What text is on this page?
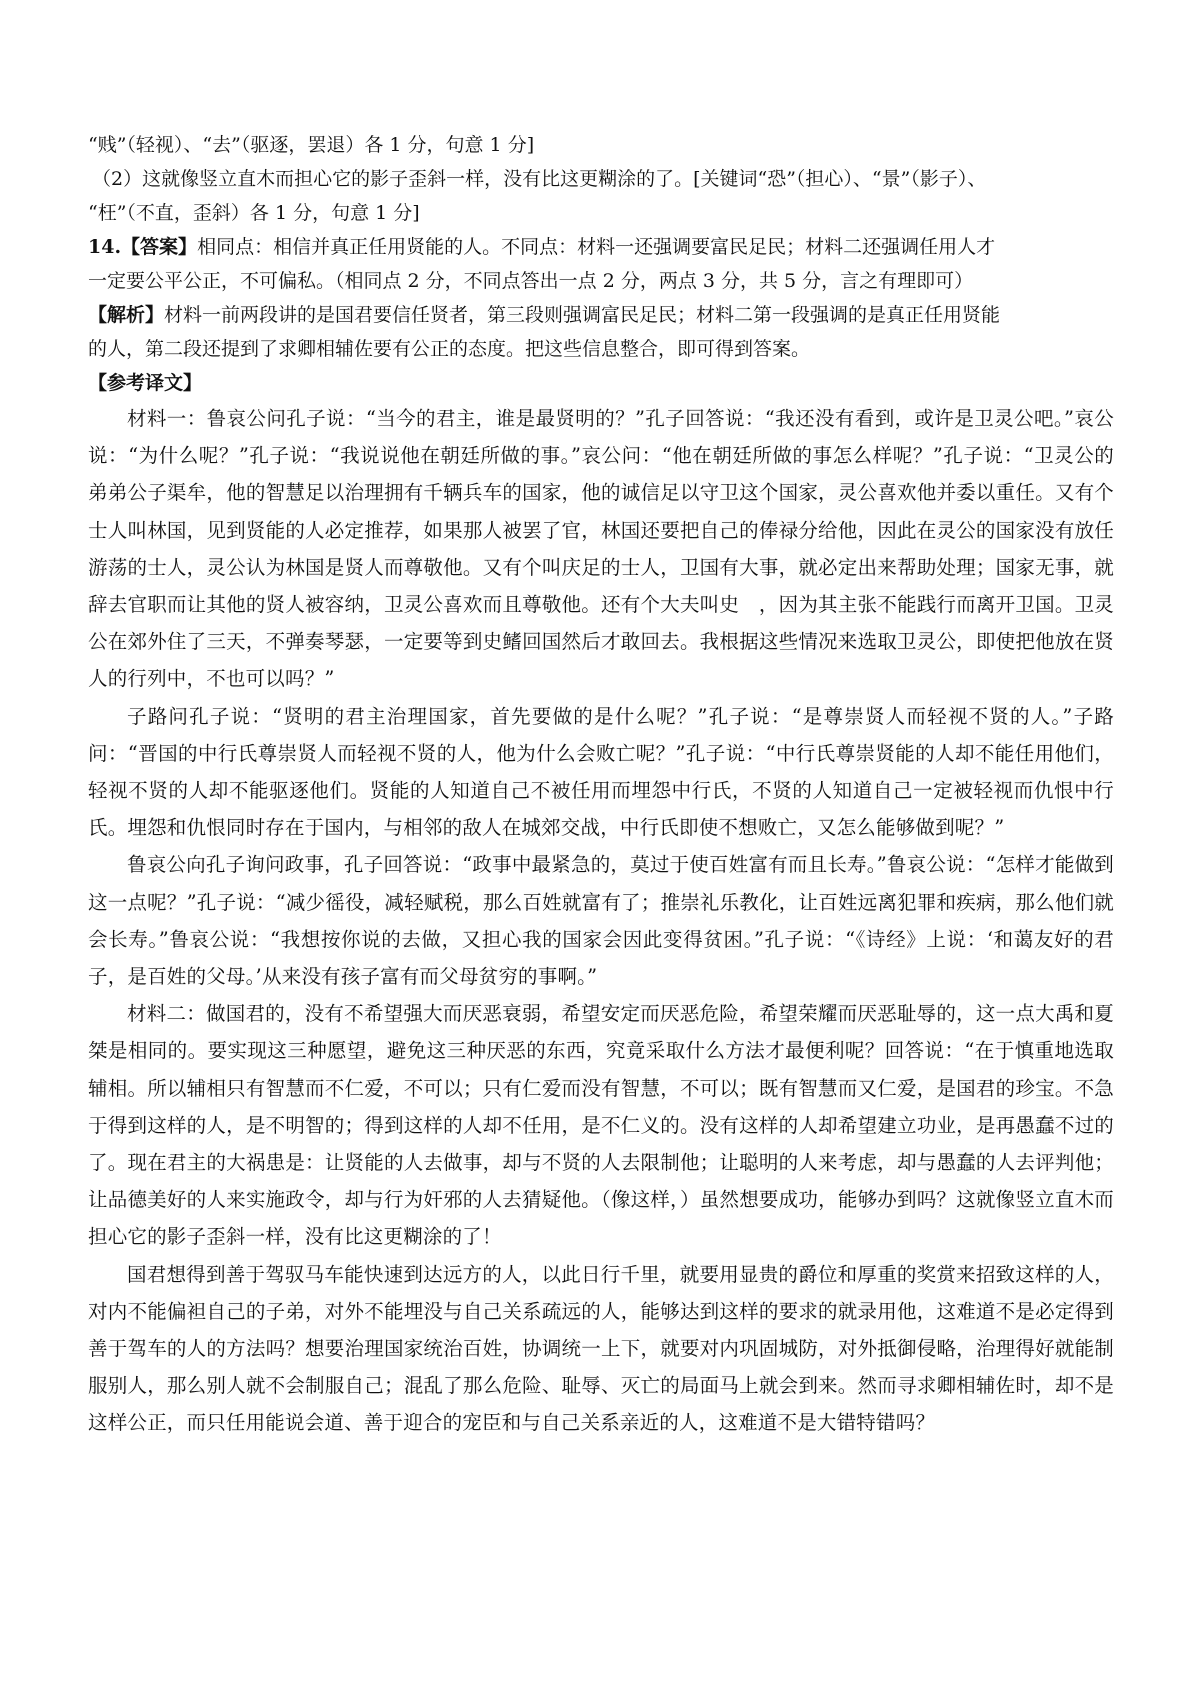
“贱”（轻视）、“去”（驱逐，罢退）各 1 分，句意 1 分]

（2）这就像竖立直木而担心它的影子歪斜一样，没有比这更糊涂的了。[关键词“恐”（担心）、“景”（影子）、

“枉”（不直，歪斜）各 1 分，句意 1 分]

14.【答案】相同点：相信并真正任用贤能的人。不同点：材料一还强调要富民足民；材料二还强调任用人才

一定要公平公正，不可偏私。（相同点 2 分，不同点答出一点 2 分，两点 3 分，共 5 分，言之有理即可）

【解析】材料一前两段讲的是国君要信任贤者，第三段则强调富民足民；材料二第一段强调的是真正任用贤能

的人，第二段还提到了求卿相辅佐要有公正的态度。把这些信息整合，即可得到答案。

【参考译文】

材料一：鲁哀公问孔子说：“当今的君主，谁是最贤明的？”孔子回答说：“我还没有看到，或许是卫灵公吧。”哀公说：“为什么呢？”孔子说：“我说说他在朝廷所做的事。”哀公问：“他在朝廷所做的事怎么样呢？”孔子说：“卫灵公的弟弟公子渠牟，他的智慧足以治理拥有千辆兵车的国家，他的诚信足以守卫这个国家，灵公喜欢他并委以重任。又有个士人叫林国，见到贤能的人必定推荐，如果那人被罢了官，林国还要把自己的俸禄分给他，因此在灵公的国家没有放任游荡的士人，灵公认为林国是贤人而尊敬他。又有个叫庆足的士人，卫国有大事，就必定出来帮助处理；国家无事，就辞去官职而让其他的贤人被容纳，卫灵公喜欢而且尊敬他。还有个大夫叫史　，因为其主张不能践行而离开卫国。卫灵公在郊外住了三天，不弹奏琴瑟，一定要等到史鳍回国然后才敢回去。我根据这些情况来选取卫灵公，即使把他放在贤人的行列中，不也可以吗？”

子路问孔子说：“贤明的君主治理国家，首先要做的是什么呢？”孔子说：“是尊崇贤人而轻视不贤的人。”子路问：“晋国的中行氏尊崇贤人而轻视不贤的人，他为什么会败亡呢？”孔子说：“中行氏尊崇贤能的人却不能任用他们，轻视不贤的人却不能驱逐他们。贤能的人知道自己不被任用而埋怨中行氏，不贤的人知道自己一定被轻视而仇恨中行氏。埋怨和仇恨同时存在于国内，与相邻的敌人在城郊交战，中行氏即使不想败亡，又怎么能够做到呢？”

鲁哀公向孔子询问政事，孔子回答说：“政事中最紧急的，莫过于使百姓富有而且长寿。”鲁哀公说：“怎样才能做到这一点呢？”孔子说：“减少徭役，减轻赋税，那么百姓就富有了；推崇礼乐教化，让百姓远离犯罪和疾病，那么他们就会长寿。”鲁哀公说：“我想按你说的去做，又担心我的国家会因此变得贫困。”孔子说：“《诗经》上说：‘和蔼友好的君子，是百姓的父母。’从来没有孩子富有而父母贫穷的事啊。”

材料二：做国君的，没有不希望强大而厌恶衰弱，希望安定而厌恶危险，希望荣耀而厌恶耻辱的，这一点大禹和夏桀是相同的。要实现这三种愿望，避免这三种厌恶的东西，究竟采取什么方法才最便利呢？回答说：“在于慎重地选取辅相。所以辅相只有智慧而不仁爱，不可以；只有仁爱而没有智慧，不可以；既有智慧而又仁爱，是国君的珍宝。不急于得到这样的人，是不明智的；得到这样的人却不任用，是不仁义的。没有这样的人却希望建立功业，是再愚蠢不过的了。现在君主的大祸患是：让贤能的人去做事，却与不贤的人去限制他；让聪明的人来考虑，却与愚蠢的人去评判他；让品德美好的人来实施政令，却与行为奸邪的人去猜疑他。（像这样，）虽然想要成功，能够办到吗？这就像竖立直木而担心它的影子歪斜一样，没有比这更糊涂的了！

国君想得到善于驾驭马车能快速到达远方的人，以此日行千里，就要用显贵的爵位和厚重的奖赏来招致这样的人，对内不能偏袒自己的子弟，对外不能埋没与自己关系疏远的人，能够达到这样的要求的就录用他，这难道不是必定得到善于驾车的人的方法吗？想要治理国家统治百姓，协调统一上下，就要对内巩固城防，对外抵御侵略，治理得好就能制服别人，那么别人就不会制服自己；混乱了那么危险、耻辱、灭亡的局面马上就会到来。然而寻求卿相辅佐时，却不是这样公正，而只任用能说会道、善于迎合的宠臣和与自己关系亲近的人，这难道不是大错特错吗？
